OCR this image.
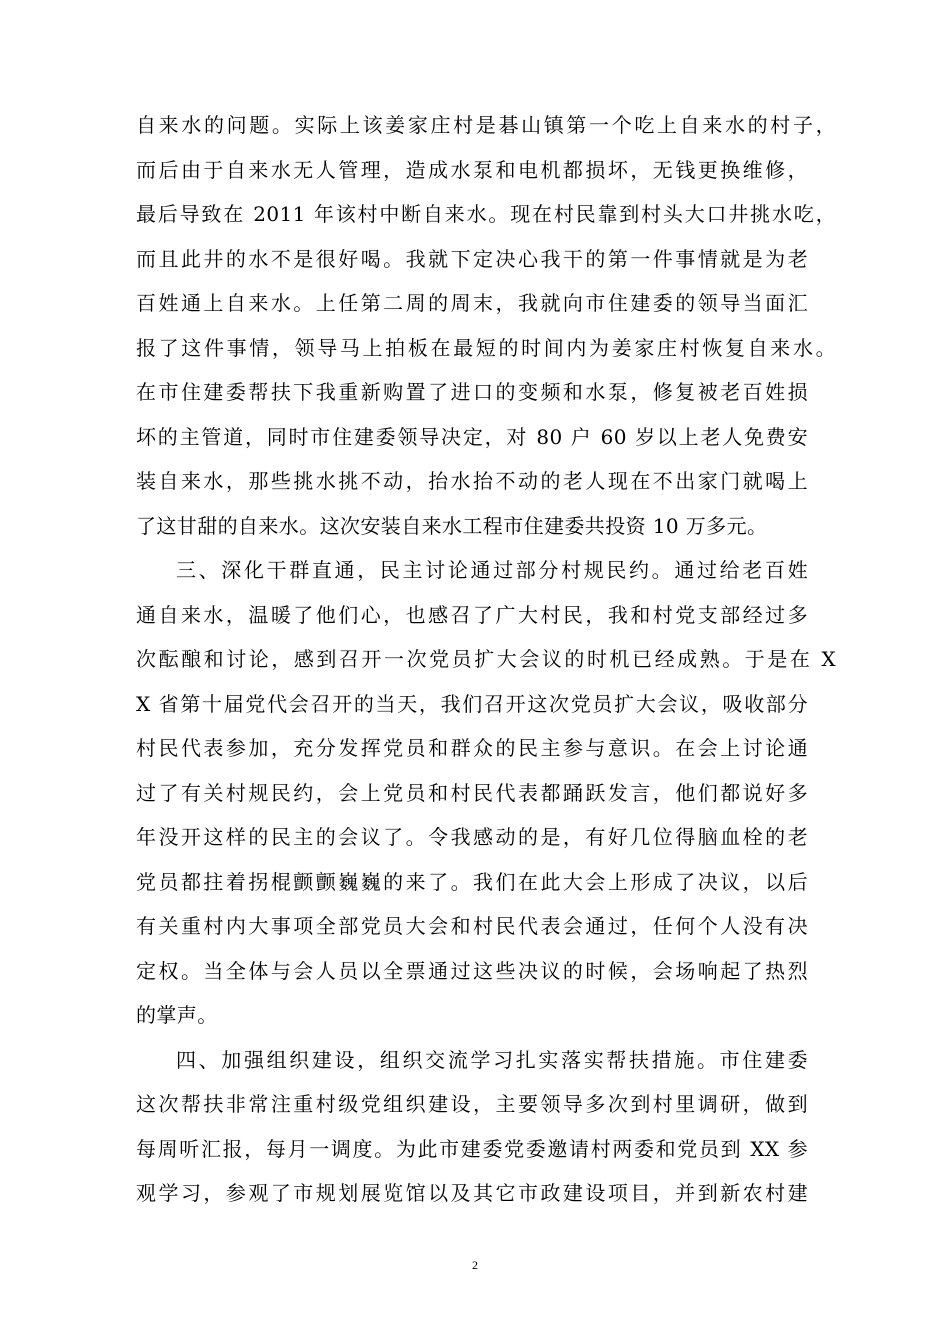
自来水的问题。实际上该姜家庄村是碁山镇第一个吃上自来水的村子，
而后由于自来水无人管理，造成水泵和电机都损坏，无钱更换维修，
最后导致在 2011 年该村中断自来水。现在村民靠到村头大口井挑水吃，
而且此井的水不是很好喝。我就下定决心我干的第一件事情就是为老
百姓通上自来水。上任第二周的周末，我就向市住建委的领导当面汇
报了这件事情，领导马上拍板在最短的时间内为姜家庄村恢复自来水。
在市住建委帮扶下我重新购置了进口的变频和水泵，修复被老百姓损
坏的主管道，同时市住建委领导决定，对 80 户 60 岁以上老人免费安
装自来水，那些挑水挑不动，抬水抬不动的老人现在不出家门就喝上
了这甘甜的自来水。这次安装自来水工程市住建委共投资 10 万多元。
三、深化干群直通，民主讨论通过部分村规民约。通过给老百姓
通自来水，温暖了他们心，也感召了广大村民，我和村党支部经过多
次酝酿和讨论，感到召开一次党员扩大会议的时机已经成熟。于是在 X
X 省第十届党代会召开的当天，我们召开这次党员扩大会议，吸收部分
村民代表参加，充分发挥党员和群众的民主参与意识。在会上讨论通
过了有关村规民约，会上党员和村民代表都踊跃发言，他们都说好多
年没开这样的民主的会议了。令我感动的是，有好几位得脑血栓的老
党员都拄着拐棍颤颤巍巍的来了。我们在此大会上形成了决议，以后
有关重村内大事项全部党员大会和村民代表会通过，任何个人没有决
定权。当全体与会人员以全票通过这些决议的时候，会场响起了热烈
的掌声。
四、加强组织建设，组织交流学习扎实落实帮扶措施。市住建委
这次帮扶非常注重村级党组织建设，主要领导多次到村里调研，做到
每周听汇报，每月一调度。为此市建委党委邀请村两委和党员到 XX 参
观学习，参观了市规划展览馆以及其它市政建设项目，并到新农村建
2
